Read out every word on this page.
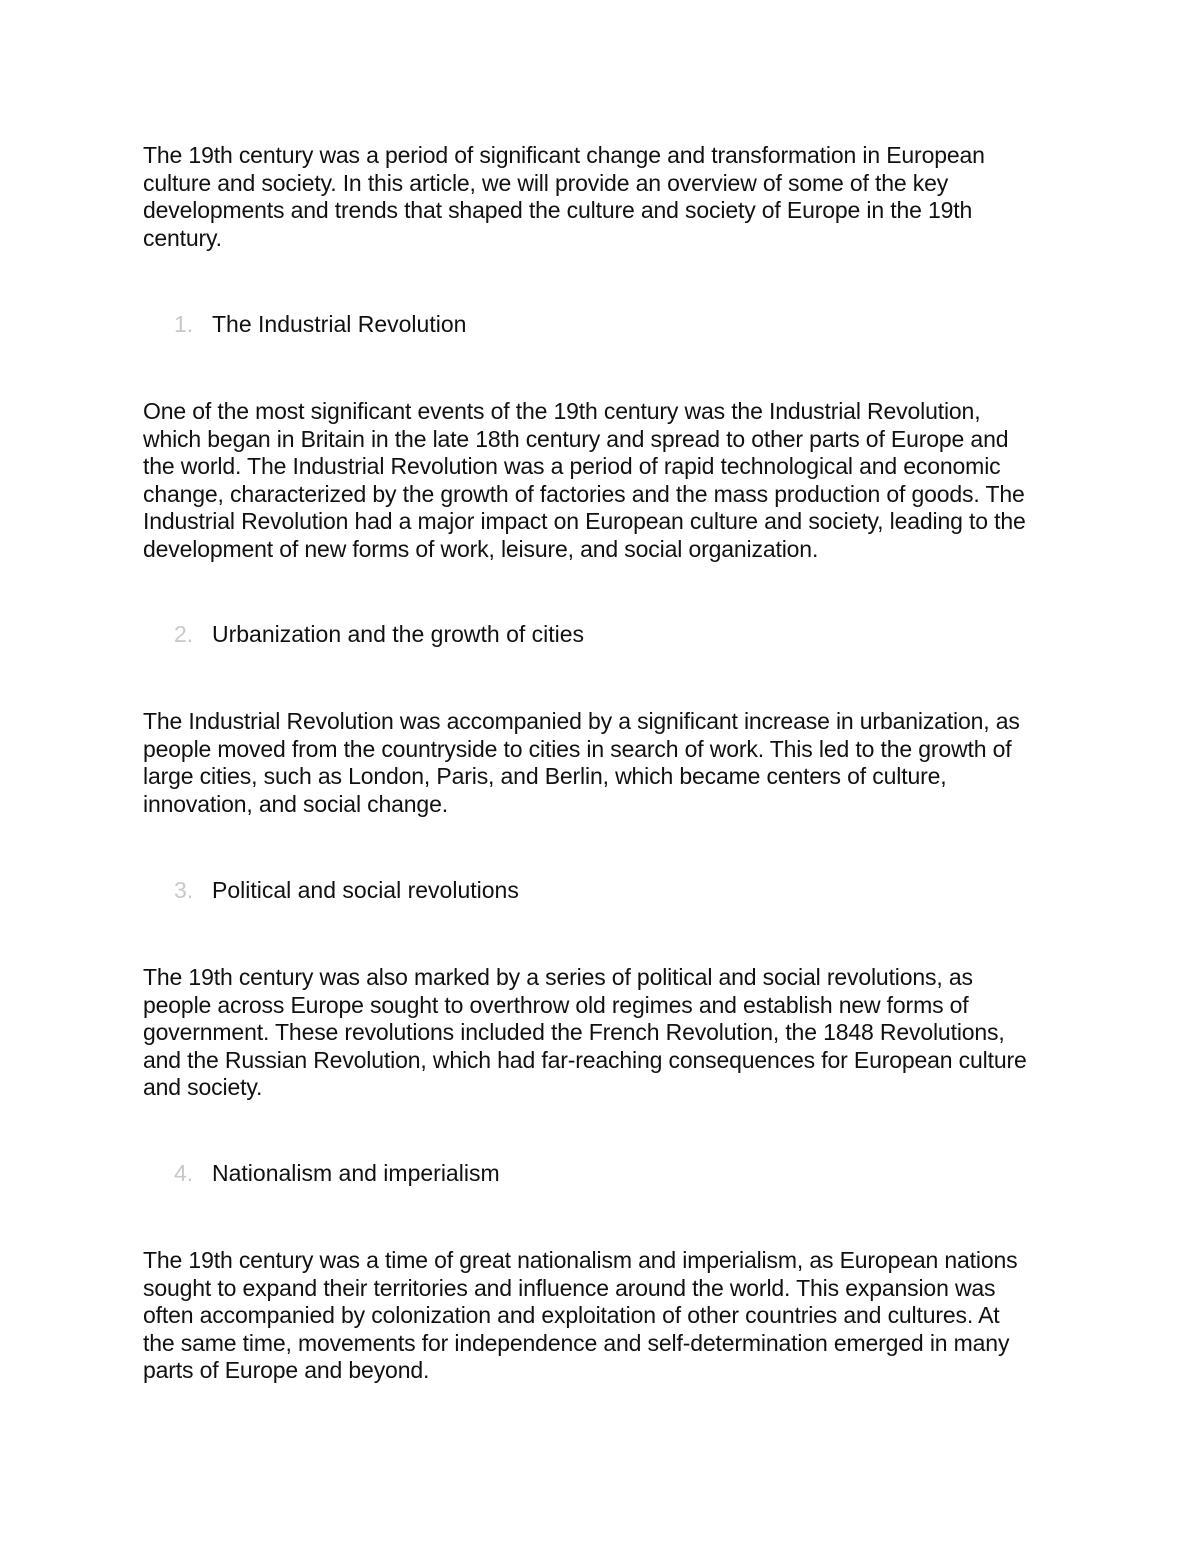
The 19th century was a period of significant change and transformation in European
culture and society. In this article, we will provide an overview of some of the key
developments and trends that shaped the culture and society of Europe in the 19th
century.

1. The Industrial Revolution

One of the most significant events of the 19th century was the Industrial Revolution,
which began in Britain in the late 18th century and spread to other parts of Europe and
the world. The Industrial Revolution was a period of rapid technological and economic
change, characterized by the growth of factories and the mass production of goods. The
Industrial Revolution had a major impact on European culture and society, leading to the
development of new forms of work, leisure, and social organization.

2. Urbanization and the growth of cities

The Industrial Revolution was accompanied by a significant increase in urbanization, as
people moved from the countryside to cities in search of work. This led to the growth of
large cities, such as London, Paris, and Berlin, which became centers of culture,
innovation, and social change.

3. Political and social revolutions

The 19th century was also marked by a series of political and social revolutions, as
people across Europe sought to overthrow old regimes and establish new forms of
government. These revolutions included the French Revolution, the 1848 Revolutions,
and the Russian Revolution, which had far-reaching consequences for European culture
and society.

4. Nationalism and imperialism

The 19th century was a time of great nationalism and imperialism, as European nations
sought to expand their territories and influence around the world. This expansion was
often accompanied by colonization and exploitation of other countries and cultures. At
the same time, movements for independence and self-determination emerged in many
parts of Europe and beyond.
